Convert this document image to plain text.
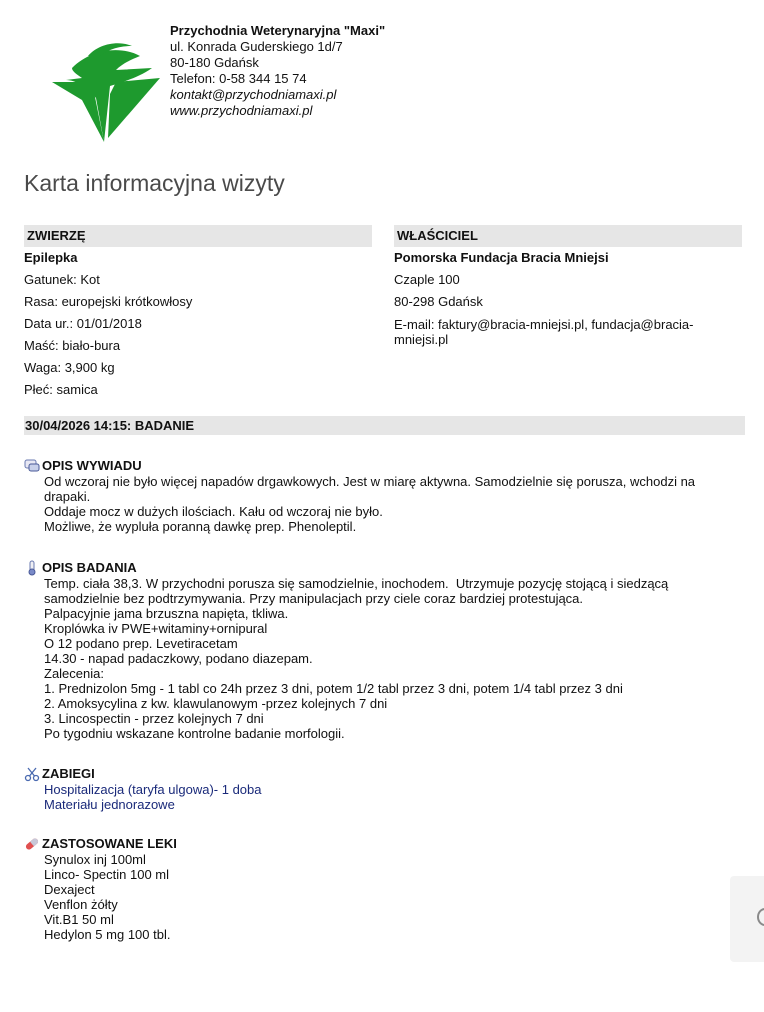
Przychodnia Weterynaryjna "Maxi"
ul. Konrada Guderskiego 1d/7
80-180 Gdańsk
Telefon: 0-58 344 15 74
kontakt@przychodniamaxi.pl
www.przychodniamaxi.pl
Karta informacyjna wizyty
ZWIERZĘ
Epilepka
Gatunek: Kot
Rasa: europejski krótkowłosy
Data ur.: 01/01/2018
Maść: biało-bura
Waga: 3,900 kg
Płeć: samica
WŁAŚCICIEL
Pomorska Fundacja Bracia Mniejsi
Czaple 100
80-298 Gdańsk
E-mail: faktury@bracia-mniejsi.pl, fundacja@bracia-mniejsi.pl
30/04/2026 14:15: BADANIE
OPIS WYWIADU
Od wczoraj nie było więcej napadów drgawkowych. Jest w miarę aktywna. Samodzielnie się porusza, wchodzi na drapaki.
Oddaje mocz w dużych ilościach. Kału od wczoraj nie było.
Możliwe, że wypluła poranną dawkę prep. Phenoleptil.
OPIS BADANIA
Temp. ciała 38,3. W przychodni porusza się samodzielnie, inochodem.  Utrzymuje pozycję stojącą i siedzącą samodzielnie bez podtrzymywania. Przy manipulacjach przy ciele coraz bardziej protestująca.
Palpacyjnie jama brzuszna napięta, tkliwa.
Kroplówka iv PWE+witaminy+ornipural
O 12 podano prep. Levetiracetam
14.30 - napad padaczkowy, podano diazepam.
Zalecenia:
1. Prednizolon 5mg - 1 tabl co 24h przez 3 dni, potem 1/2 tabl przez 3 dni, potem 1/4 tabl przez 3 dni
2. Amoksycylina z kw. klawulanowym -przez kolejnych 7 dni
3. Lincospectin - przez kolejnych 7 dni
Po tygodniu wskazane kontrolne badanie morfologii.
ZABIEGI
Hospitalizacja (taryfa ulgowa)- 1 doba
Materiału jednorazowe
ZASTOSOWANE LEKI
Synulox inj 100ml
Linco- Spectin 100 ml
Dexaject
Venflon żółty
Vit.B1 50 ml
Hedylon 5 mg 100 tbl.
